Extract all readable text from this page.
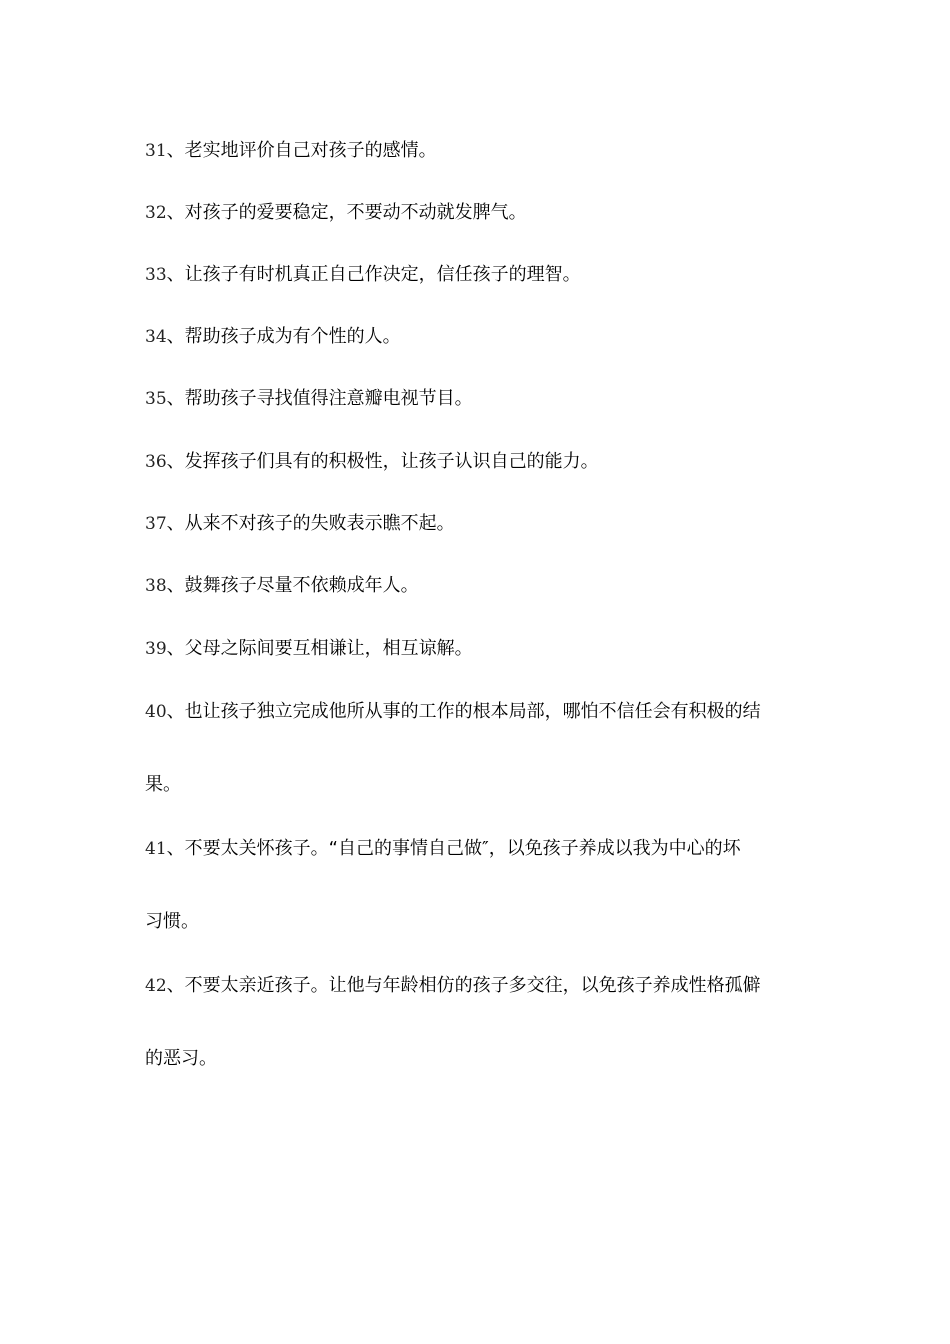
31、老实地评价自己对孩子的感情。
32、对孩子的爱要稳定，不要动不动就发脾气。
33、让孩子有时机真正自己作决定，信任孩子的理智。
34、帮助孩子成为有个性的人。
35、帮助孩子寻找值得注意瓣电视节目。
36、发挥孩子们具有的积极性，让孩子认识自己的能力。
37、从来不对孩子的失败表示瞧不起。
38、鼓舞孩子尽量不依赖成年人。
39、父母之际间要互相谦让，相互谅解。
40、也让孩子独立完成他所从事的工作的根本局部，哪怕不信任会有积极的结
果。
41、不要太关怀孩子。“自己的事情自己做″，以免孩子养成以我为中心的坏
习惯。
42、不要太亲近孩子。让他与年龄相仿的孩子多交往，以免孩子养成性格孤僻
的恶习。
